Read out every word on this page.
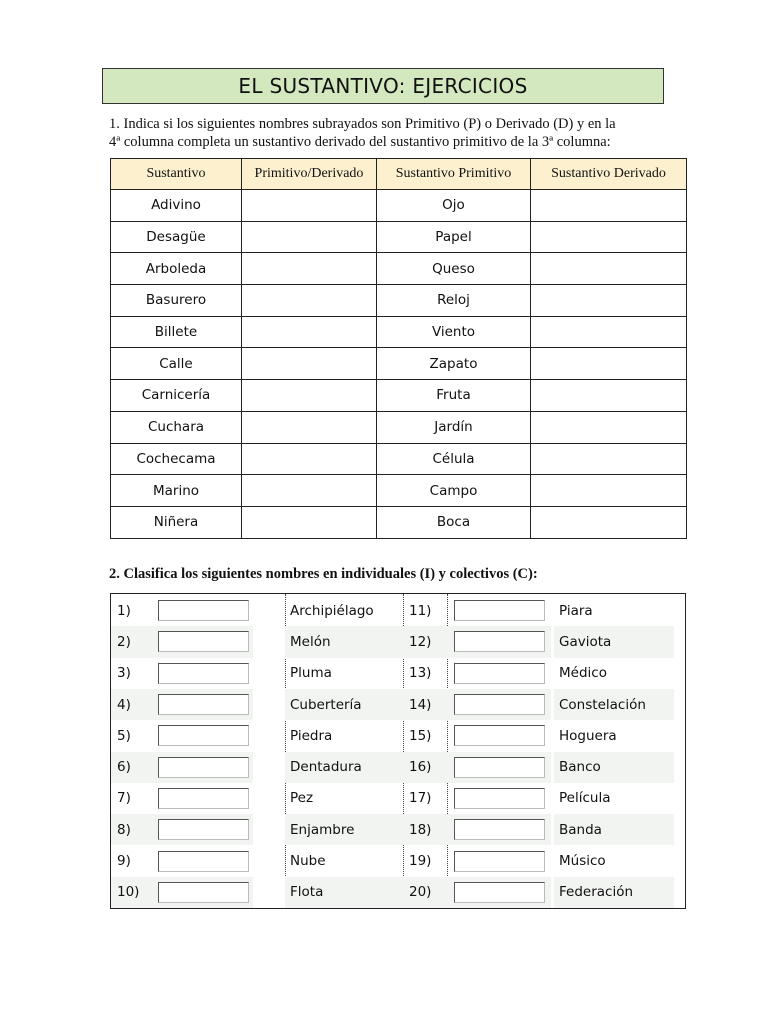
EL SUSTANTIVO: EJERCICIOS

1. Indica si los siguientes nombres subrayados son Primitivo (P) o Derivado (D) y en la

4ª columna completa un sustantivo derivado del sustantivo primitivo de la 3ª columna:

Sustantivo	Primitivo/Derivado	Sustantivo Primitivo	Sustantivo Derivado
Adivino		Ojo	
Desagüe		Papel	
Arboleda		Queso	
Basurero		Reloj	
Billete		Viento	
Calle		Zapato	
Carnicería		Fruta	
Cuchara		Jardín	
Cochecama		Célula	
Marino		Campo	
Niñera		Boca	
2. Clasifica los siguientes nombres en individuales (I) y colectivos (C):
1)	Archipiélago	11)	Piara
2)	Melón	12)	Gaviota
3)	Pluma	13)	Médico
4)	Cubertería	14)	Constelación
5)	Piedra	15)	Hoguera
6)	Dentadura	16)	Banco
7)	Pez	17)	Película
8)	Enjambre	18)	Banda
9)	Nube	19)	Músico
10)	Flota	20)	Federación
